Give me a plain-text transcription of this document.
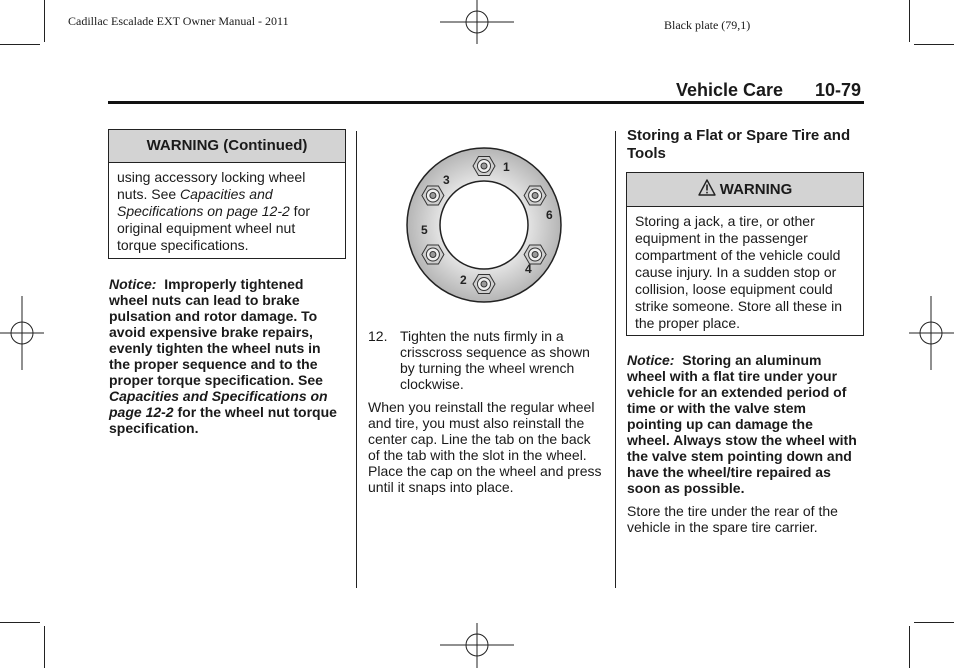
Cadillac Escalade EXT Owner Manual - 2011	Black plate (79,1)
Vehicle Care 10-79
WARNING (Continued)
using accessory locking wheel nuts. See Capacities and Specifications on page 12-2 for original equipment wheel nut torque specifications.
Notice: Improperly tightened wheel nuts can lead to brake pulsation and rotor damage. To avoid expensive brake repairs, evenly tighten the wheel nuts in the proper sequence and to the proper torque specification. See Capacities and Specifications on page 12-2 for the wheel nut torque specification.
1
2
3
4
5
6
12. Tighten the nuts firmly in a crisscross sequence as shown by turning the wheel wrench clockwise.
When you reinstall the regular wheel and tire, you must also reinstall the center cap. Line the tab on the back of the tab with the slot in the wheel. Place the cap on the wheel and press until it snaps into place.
Storing a Flat or Spare Tire and Tools
WARNING
Storing a jack, a tire, or other equipment in the passenger compartment of the vehicle could cause injury. In a sudden stop or collision, loose equipment could strike someone. Store all these in the proper place.
Notice: Storing an aluminum wheel with a flat tire under your vehicle for an extended period of time or with the valve stem pointing up can damage the wheel. Always stow the wheel with the valve stem pointing down and have the wheel/tire repaired as soon as possible.
Store the tire under the rear of the vehicle in the spare tire carrier.
